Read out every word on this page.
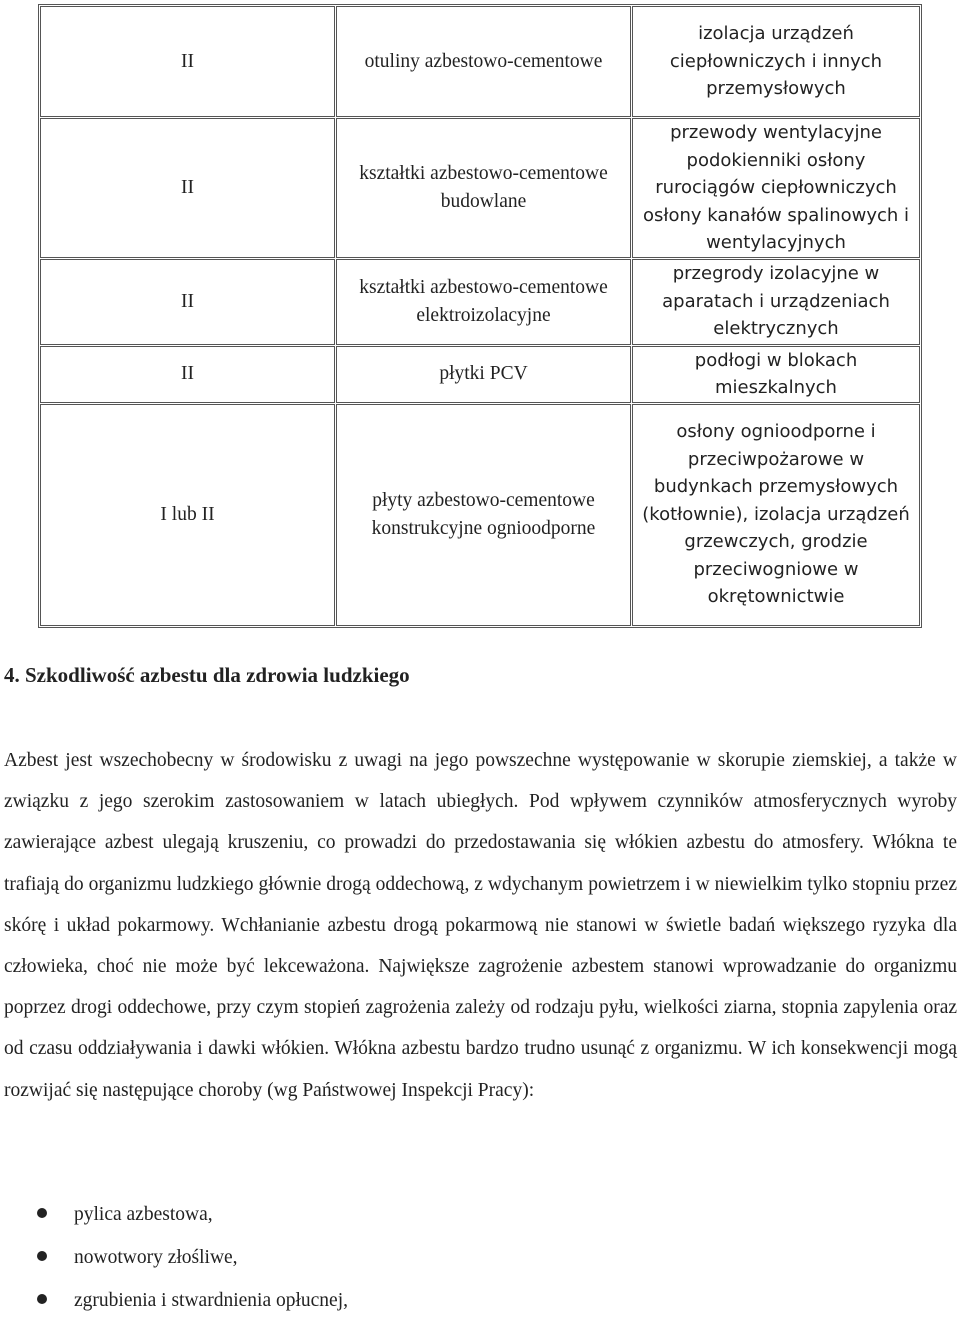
II	otuliny azbestowo-cementowe	izolacja urządzeń ciepłowniczych i innych przemysłowych
II	kształtki azbestowo-cementowe budowlane	przewody wentylacyjne podokienniki osłony rurociągów ciepłowniczych osłony kanałów spalinowych i wentylacyjnych
II	kształtki azbestowo-cementowe elektroizolacyjne	przegrody izolacyjne w aparatach i urządzeniach elektrycznych
II	płytki PCV	podłogi w blokach mieszkalnych
I lub II	płyty azbestowo-cementowe konstrukcyjne ognioodporne	osłony ognioodporne i przeciwpożarowe w budynkach przemysłowych (kotłownie), izolacja urządzeń grzewczych, grodzie przeciwogniowe w okrętownictwie
4. Szkodliwość azbestu dla zdrowia ludzkiego

Azbest jest wszechobecny w środowisku z uwagi na jego powszechne występowanie w skorupie ziemskiej, a także w związku z jego szerokim zastosowaniem w latach ubiegłych. Pod wpływem czynników atmosferycznych wyroby zawierające azbest ulegają kruszeniu, co prowadzi do przedostawania się włókien azbestu do atmosfery. Włókna te trafiają do organizmu ludzkiego głównie drogą oddechową, z wdychanym powietrzem i w niewielkim tylko stopniu przez skórę i układ pokarmowy. Wchłanianie azbestu drogą pokarmową nie stanowi w świetle badań większego ryzyka dla człowieka, choć nie może być lekceważona. Największe zagrożenie azbestem stanowi wprowadzanie do organizmu poprzez drogi oddechowe, przy czym stopień zagrożenia zależy od rodzaju pyłu, wielkości ziarna, stopnia zapylenia oraz od czasu oddziaływania i dawki włókien. Włókna azbestu bardzo trudno usunąć z organizmu. W ich konsekwencji mogą rozwijać się następujące choroby (wg Państwowej Inspekcji Pracy):

pylica azbestowa,
nowotwory złośliwe,
zgrubienia i stwardnienia opłucnej,
